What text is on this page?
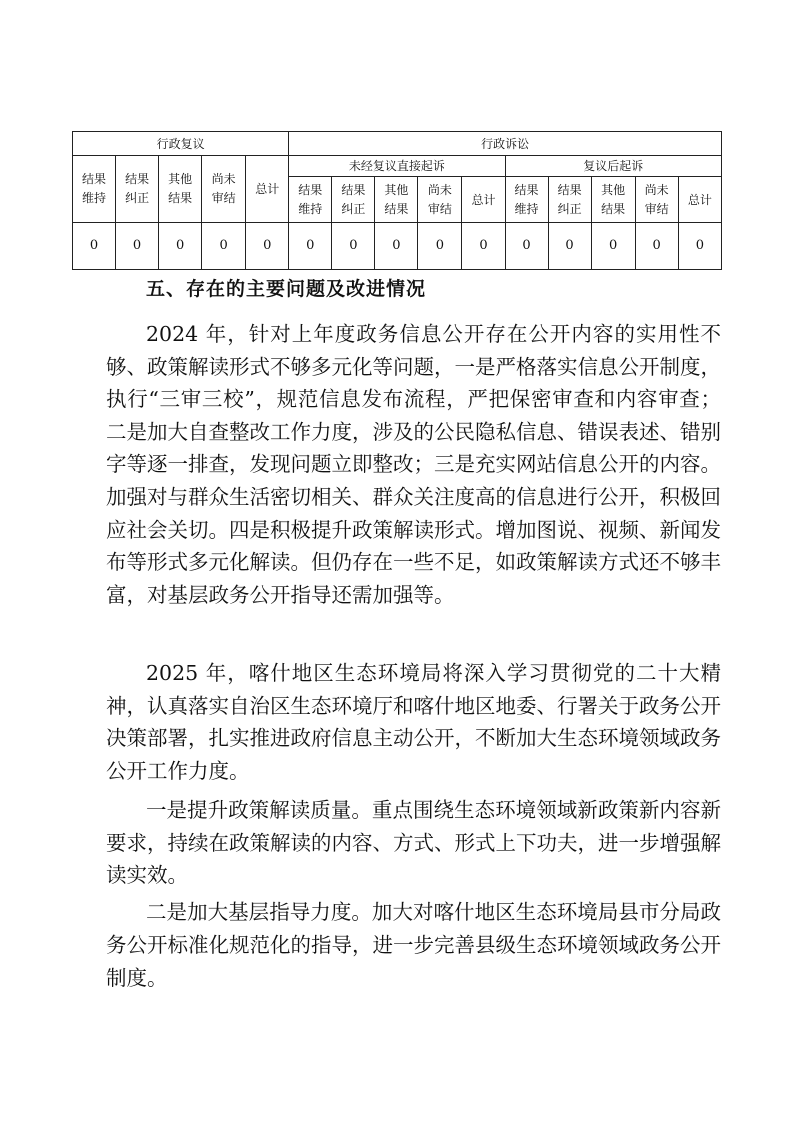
行政复议					行政诉讼									
结果维持	结果纠正	其他结果	尚未审结	总计	未经复议直接起诉					复议后起诉				
					结果维持	结果纠正	其他结果	尚未审结	总计	结果维持	结果纠正	其他结果	尚未审结	总计
0	0	0	0	0	0	0	0	0	0	0	0	0	0	0
五、存在的主要问题及改进情况

2024 年，针对上年度政务信息公开存在公开内容的实用性不够、政策解读形式不够多元化等问题，一是严格落实信息公开制度，执行“三审三校”，规范信息发布流程，严把保密审查和内容审查；二是加大自查整改工作力度，涉及的公民隐私信息、错误表述、错别字等逐一排查，发现问题立即整改；三是充实网站信息公开的内容。加强对与群众生活密切相关、群众关注度高的信息进行公开，积极回应社会关切。四是积极提升政策解读形式。增加图说、视频、新闻发布等形式多元化解读。但仍存在一些不足，如政策解读方式还不够丰富，对基层政务公开指导还需加强等。

2025 年，喀什地区生态环境局将深入学习贯彻党的二十大精神，认真落实自治区生态环境厅和喀什地区地委、行署关于政务公开决策部署，扎实推进政府信息主动公开，不断加大生态环境领域政务公开工作力度。

一是提升政策解读质量。重点围绕生态环境领域新政策新内容新要求，持续在政策解读的内容、方式、形式上下功夫，进一步增强解读实效。

二是加大基层指导力度。加大对喀什地区生态环境局县市分局政务公开标准化规范化的指导，进一步完善县级生态环境领域政务公开制度。
